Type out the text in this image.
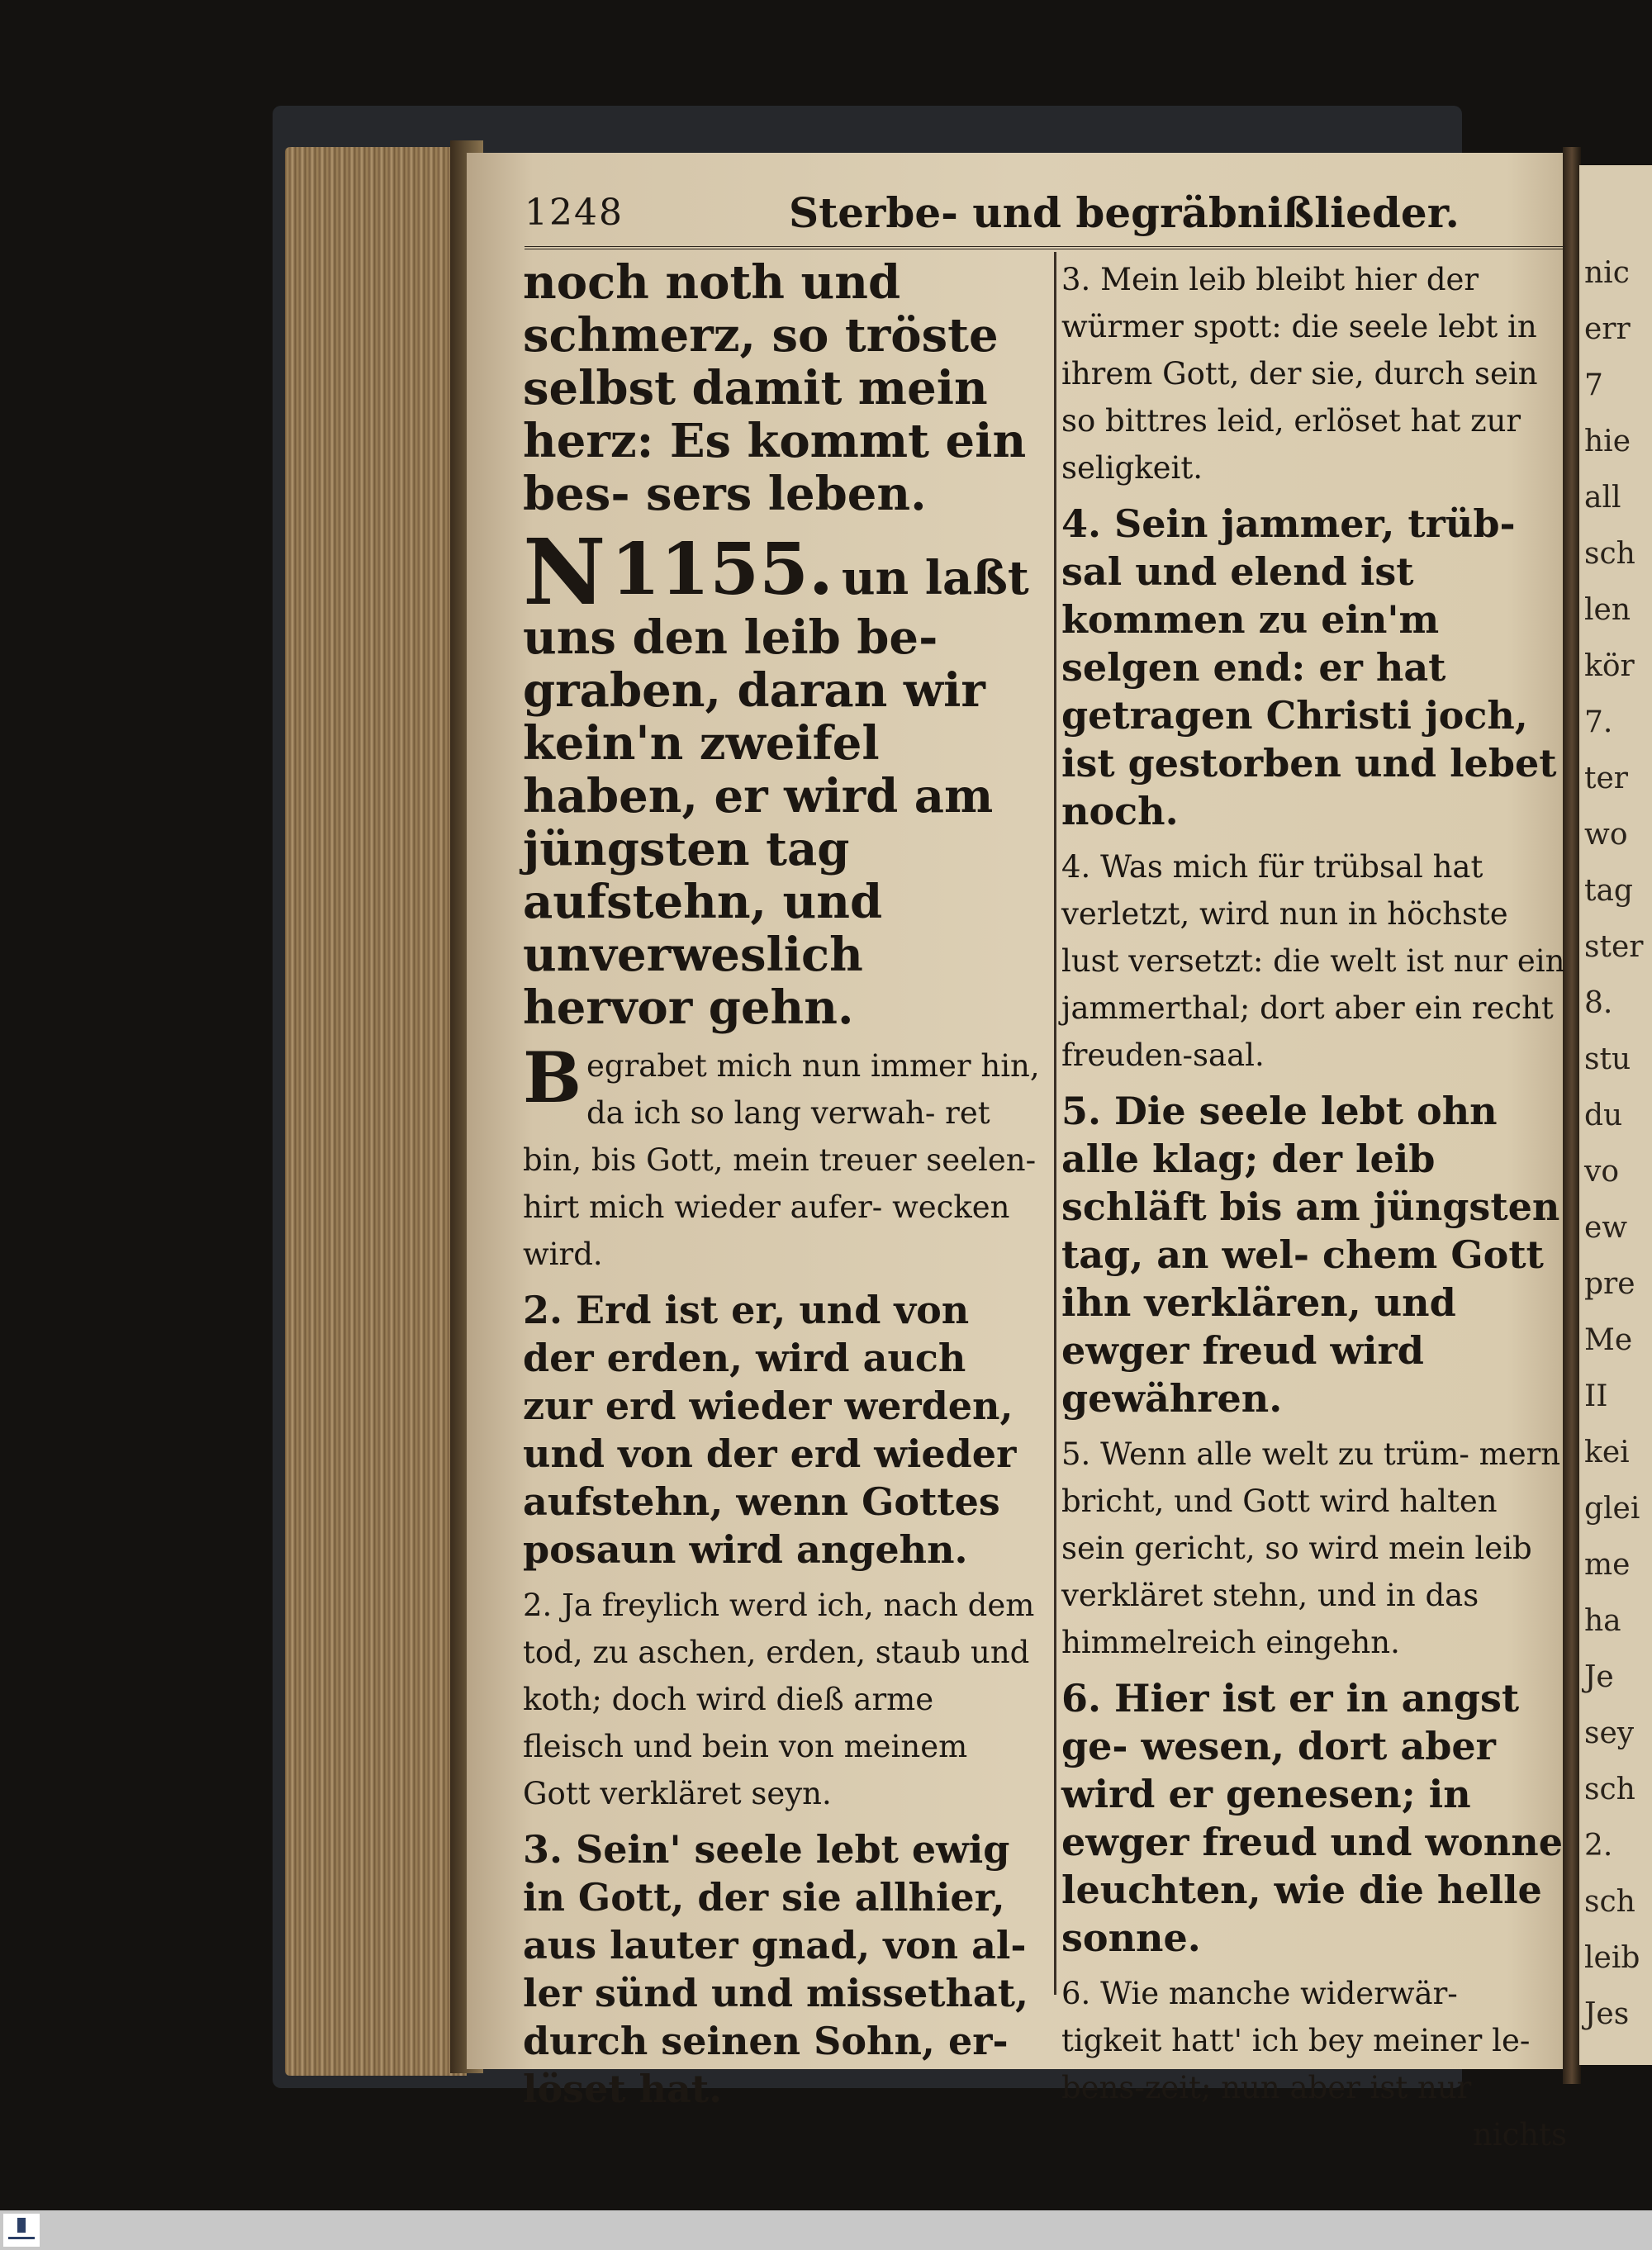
nic
err
7
hie
all
sch
len
kör
7.
ter
wo
tag
ster
8.
stu
du
vo
ew
pre
Me
II
kei
glei
me
ha
Je
sey
sch
2.
sch
leib
Jes
1248	Sterbe- und begräbnißlieder.

noch noth und schmerz, so tröste selbst damit mein herz: Es kommt ein bes- sers leben.

1155.
N	un laßt uns den leib be- graben, daran wir kein'n zweifel haben, er wird am jüngsten tag aufstehn, und unverweslich hervor gehn.

Begrabet mich nun immer hin, da ich so lang verwah- ret bin, bis Gott, mein treuer seelen-hirt mich wieder aufer- wecken wird.

2. Erd ist er, und von der erden, wird auch zur erd wieder werden, und von der erd wieder aufstehn, wenn Gottes posaun wird angehn.

2. Ja freylich werd ich, nach dem tod, zu aschen, erden, staub und koth; doch wird dieß arme fleisch und bein von meinem Gott verkläret seyn.

3. Sein' seele lebt ewig in Gott, der sie allhier, aus lauter gnad, von al- ler sünd und missethat, durch seinen Sohn, er- löset hat.

3. Mein leib bleibt hier der würmer spott: die seele lebt in ihrem Gott, der sie, durch sein so bittres leid, erlöset hat zur seligkeit.

4. Sein jammer, trüb- sal und elend ist kommen zu ein'm selgen end: er hat getragen Christi joch, ist gestorben und lebet noch.

4. Was mich für trübsal hat verletzt, wird nun in höchste lust versetzt: die welt ist nur ein jammerthal; dort aber ein recht freuden-saal.

5. Die seele lebt ohn alle klag; der leib schläft bis am jüngsten tag, an wel- chem Gott ihn verklären, und ewger freud wird gewähren.

5. Wenn alle welt zu trüm- mern bricht, und Gott wird halten sein gericht, so wird mein leib verkläret stehn, und in das himmelreich eingehn.

6. Hier ist er in angst ge- wesen, dort aber wird er genesen; in ewger freud und wonne leuchten, wie die helle sonne.

6. Wie manche widerwär- tigkeit hatt' ich bey meiner le- bens-zeit; nun aber ist nur

nichts
